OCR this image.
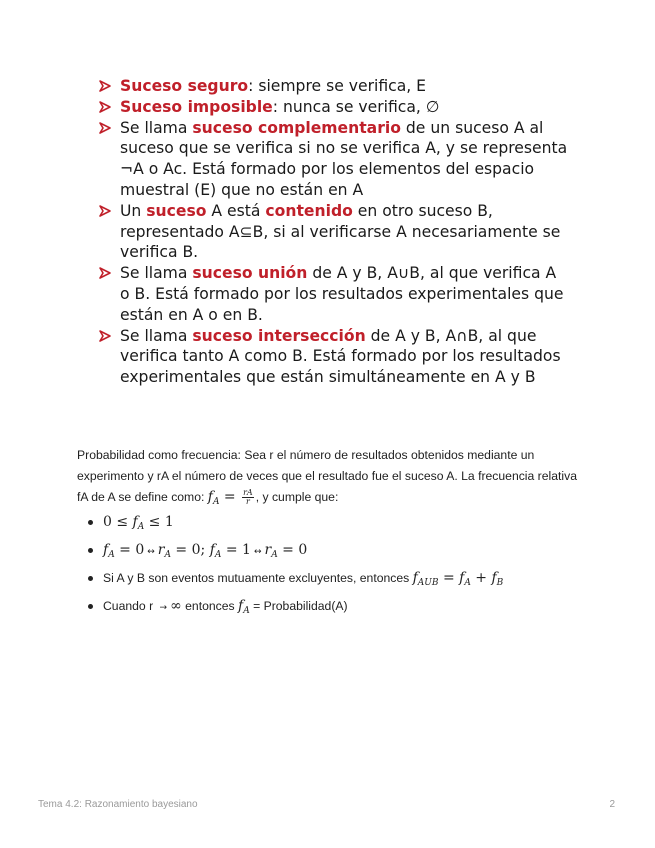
Suceso seguro: siempre se verifica, E

Suceso imposible: nunca se verifica, ∅

Se llama suceso complementario de un suceso A al suceso que se verifica si no se verifica A, y se representa ¬A o Ac. Está formado por los elementos del espacio muestral (E) que no están en A

Un suceso A está contenido en otro suceso B, representado A⊆B, si al verificarse A necesariamente se verifica B.

Se llama suceso unión de A y B, A∪B, al que verifica A o B. Está formado por los resultados experimentales que están en A o en B.

Se llama suceso intersección de A y B, A∩B, al que verifica tanto A como B. Está formado por los resultados experimentales que están simultáneamente en A y B

Probabilidad como frecuencia: Sea r el número de resultados obtenidos mediante un experimento y rA el número de veces que el resultado fue el suceso A. La frecuencia relativa fA de A se define como: $f_A = \frac{rA}{r}$ , y cumple que:
$0 \le f_A \le 1$
$f_A = 0$ ↔ $r_A = 0$; $f_A = 1$ ↔ $r_A = 0$
Si A y B son eventos mutuamente excluyentes, entonces $f_{AUB} = f_A + f_B$
Cuando r → ∞ entonces $f_A$ = Probabilidad(A)
Tema 4.2: Razonamiento bayesiano	2
